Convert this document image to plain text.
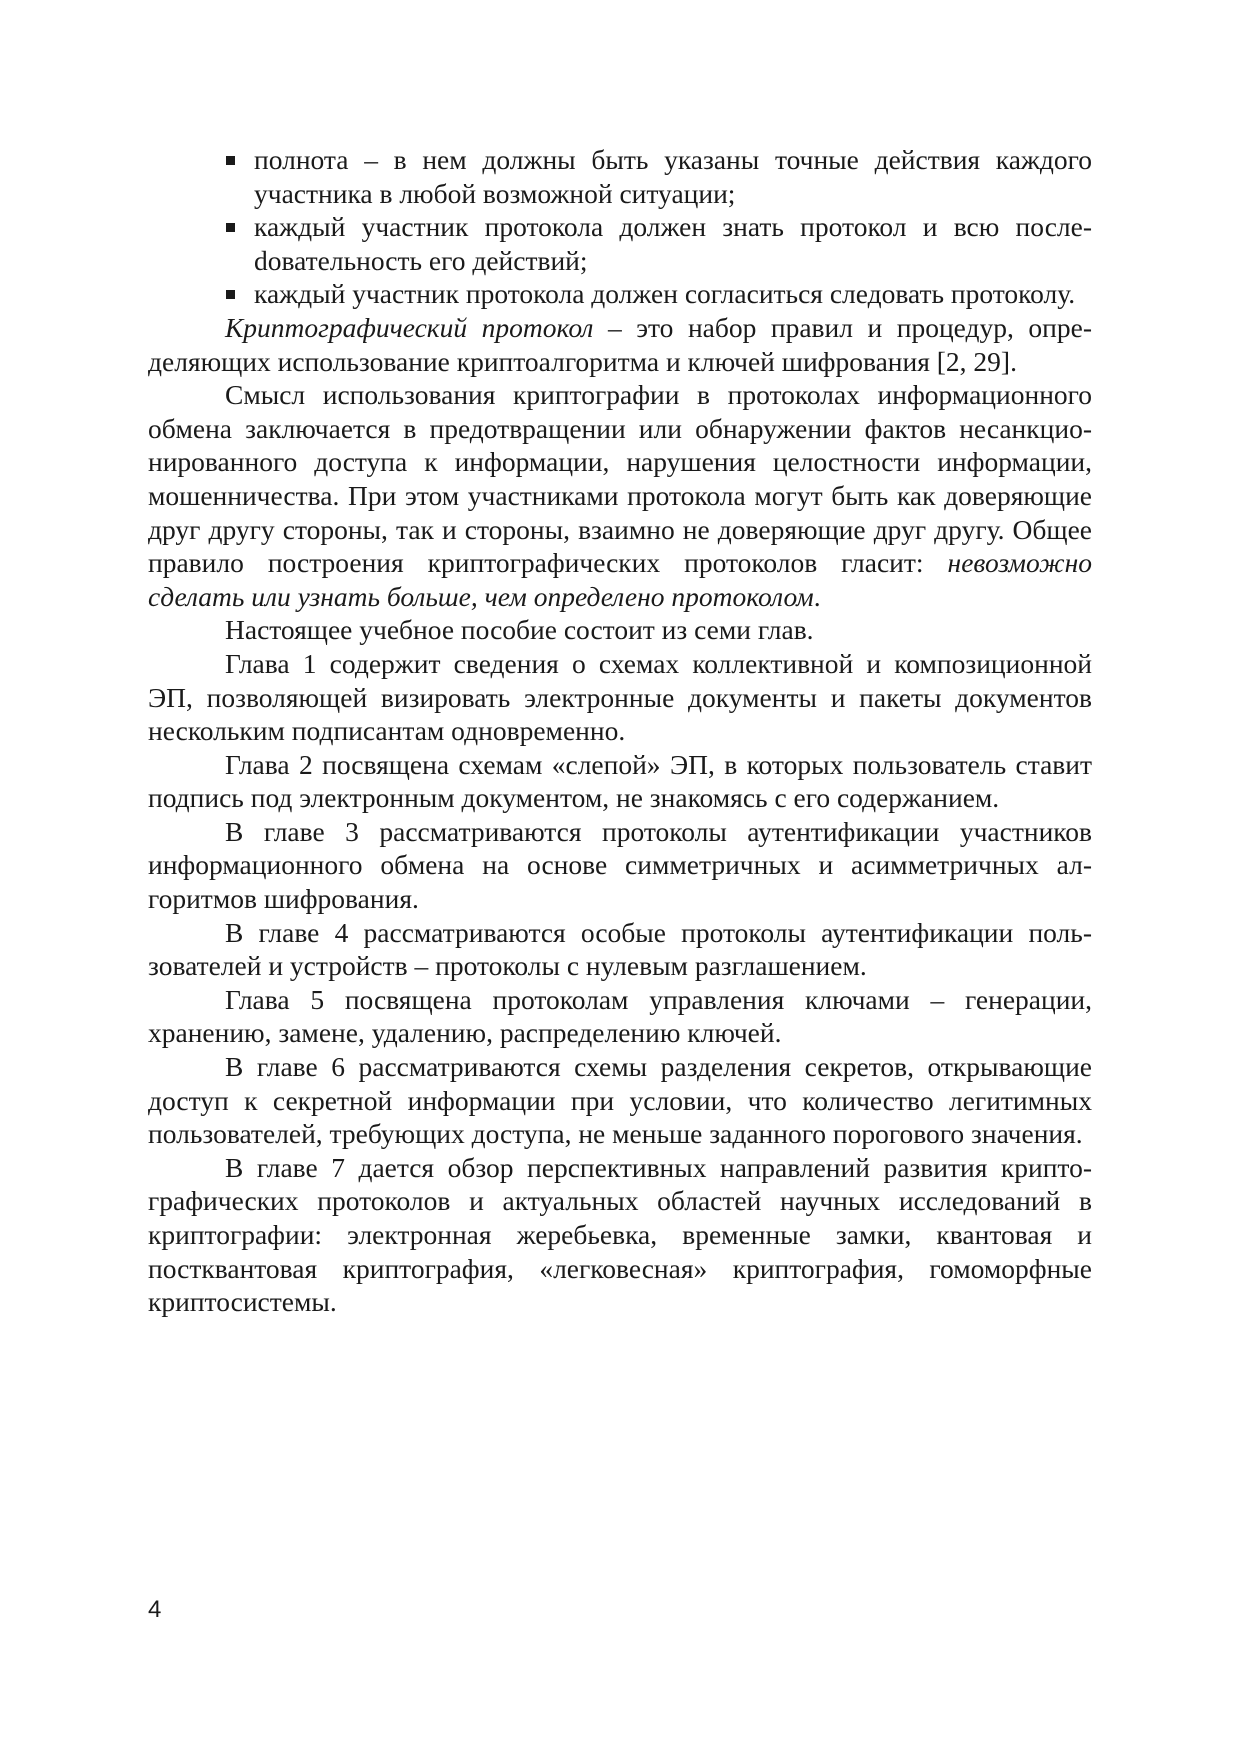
полнота – в нем должны быть указаны точные действия каждого участника в любой возможной ситуации;
каждый участник протокола должен знать протокол и всю послеdовательность его действий;
каждый участник протокола должен согласиться следовать протоколу.

Криптографический протокол – это набор правил и процедур, определяющих использование криптоалгоритма и ключей шифрования [2, 29].

Смысл использования криптографии в протоколах информационного обмена заключается в предотвращении или обнаружении фактов несанкционированного доступа к информации, нарушения целостности информации, мошенничества. При этом участниками протокола могут быть как доверяющие друг другу стороны, так и стороны, взаимно не доверяющие друг другу. Общее правило построения криптографических протоколов гласит: невозможно сделать или узнать больше, чем определено протоколом.

Настоящее учебное пособие состоит из семи глав.

Глава 1 содержит сведения о схемах коллективной и композиционной ЭП, позволяющей визировать электронные документы и пакеты документов нескольким подписантам одновременно.

Глава 2 посвящена схемам «слепой» ЭП, в которых пользователь ставит подпись под электронным документом, не знакомясь с его содержанием.

В главе 3 рассматриваются протоколы аутентификации участников информационного обмена на основе симметричных и асимметричных алгоритмов шифрования.

В главе 4 рассматриваются особые протоколы аутентификации пользователей и устройств – протоколы с нулевым разглашением.

Глава 5 посвящена протоколам управления ключами – генерации, хранению, замене, удалению, распределению ключей.

В главе 6 рассматриваются схемы разделения секретов, открывающие доступ к секретной информации при условии, что количество легитимных пользователей, требующих доступа, не меньше заданного порогового значения.

В главе 7 дается обзор перспективных направлений развития криптографических протоколов и актуальных областей научных исследований в криптографии: электронная жеребьевка, временные замки, квантовая и постквантовая криптография, «легковесная» криптография, гомоморфные криптосистемы.

4
